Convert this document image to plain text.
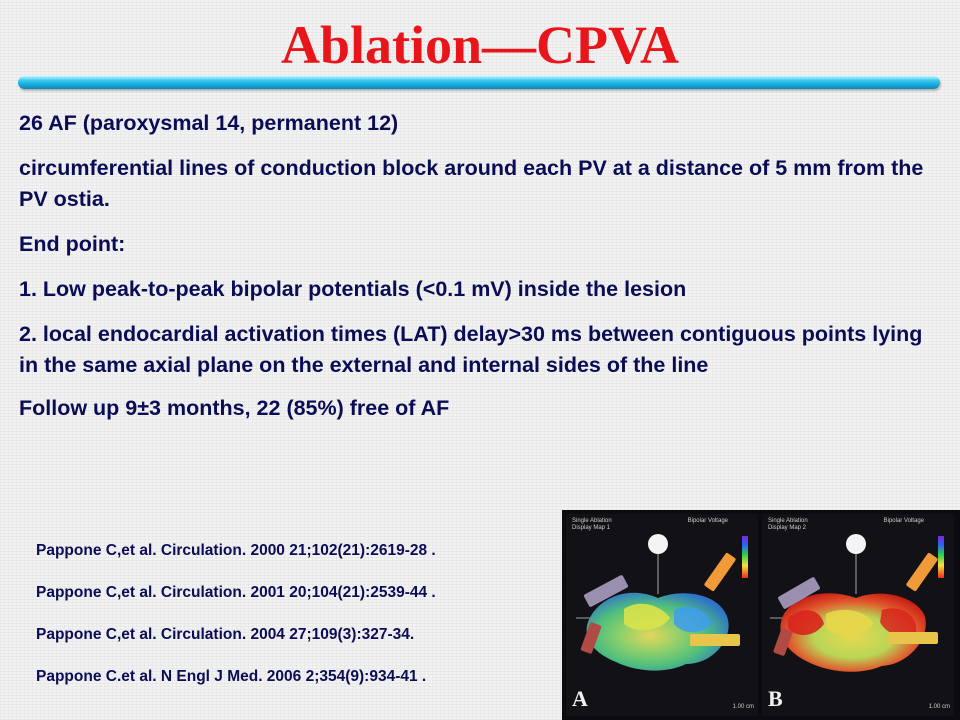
Ablation—CPVA

26 AF (paroxysmal 14, permanent 12)

circumferential lines of conduction block around each PV at a distance of 5 mm from the PV ostia.

End point:

1. Low peak-to-peak bipolar potentials (<0.1 mV) inside the lesion

2. local endocardial activation times (LAT) delay>30 ms between contiguous points lying in the same axial plane on the external and internal sides of the line

Follow up 9±3 months, 22 (85%) free of AF

Pappone C,et al. Circulation. 2000 21;102(21):2619-28 .

Pappone C,et al. Circulation. 2001 20;104(21):2539-44 .

Pappone C,et al. Circulation. 2004 27;109(3):327-34.

Pappone C.et al. N Engl J Med. 2006 2;354(9):934-41 .

Single Ablation
Display Map 1
Bipolar Voltage
A	1.00 cm
Single Ablation
Display Map 2
Bipolar Voltage
B	1.00 cm
